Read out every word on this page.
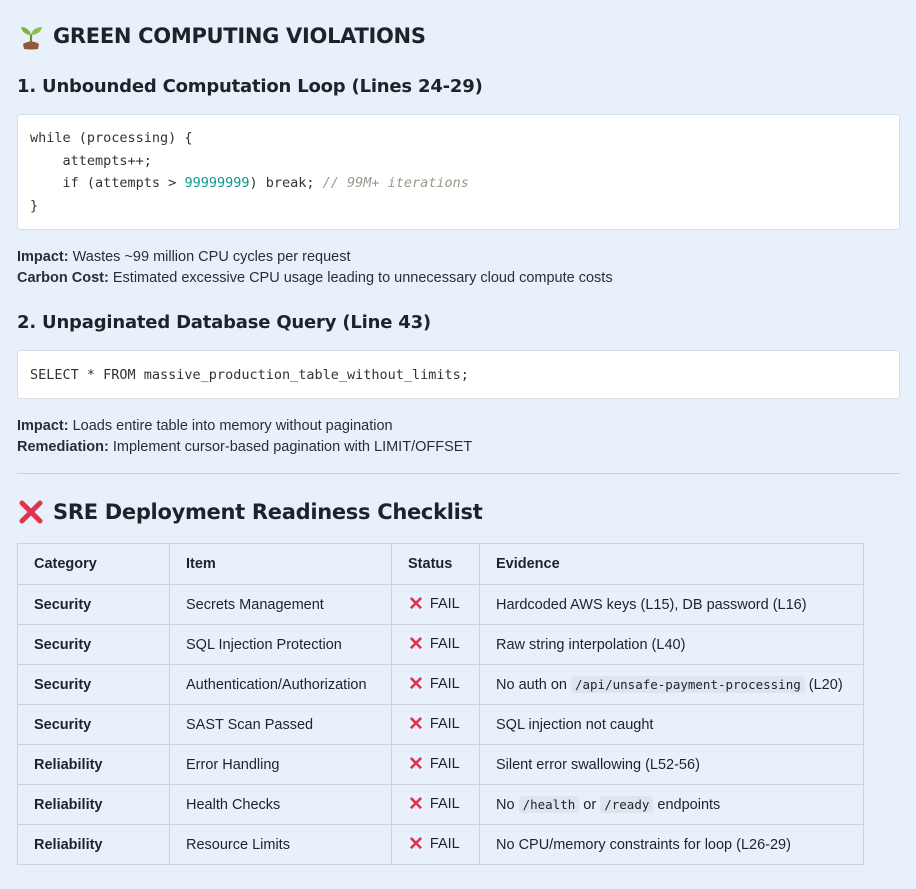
GREEN COMPUTING VIOLATIONS
1. Unbounded Computation Loop (Lines 24-29)
while (processing) {
attempts++;
if (attempts > 99999999) break; // 99M+ iterations
}

Impact: Wastes ~99 million CPU cycles per request

Carbon Cost: Estimated excessive CPU usage leading to unnecessary cloud compute costs

2. Unpaginated Database Query (Line 43)
SELECT * FROM massive_production_table_without_limits;

Impact: Loads entire table into memory without pagination

Remediation: Implement cursor-based pagination with LIMIT/OFFSET

SRE Deployment Readiness Checklist
Category	Item	Status	Evidence
Security	Secrets Management	✕ FAIL	Hardcoded AWS keys (L15), DB password (L16)
Security	SQL Injection Protection	✕ FAIL	Raw string interpolation (L40)
Security	Authentication/Authorization	✕ FAIL	No auth on /api/unsafe-payment-processing (L20)
Security	SAST Scan Passed	✕ FAIL	SQL injection not caught
Reliability	Error Handling	✕ FAIL	Silent error swallowing (L52-56)
Reliability	Health Checks	✕ FAIL	No /health or /ready endpoints
Reliability	Resource Limits	✕ FAIL	No CPU/memory constraints for loop (L26-29)
